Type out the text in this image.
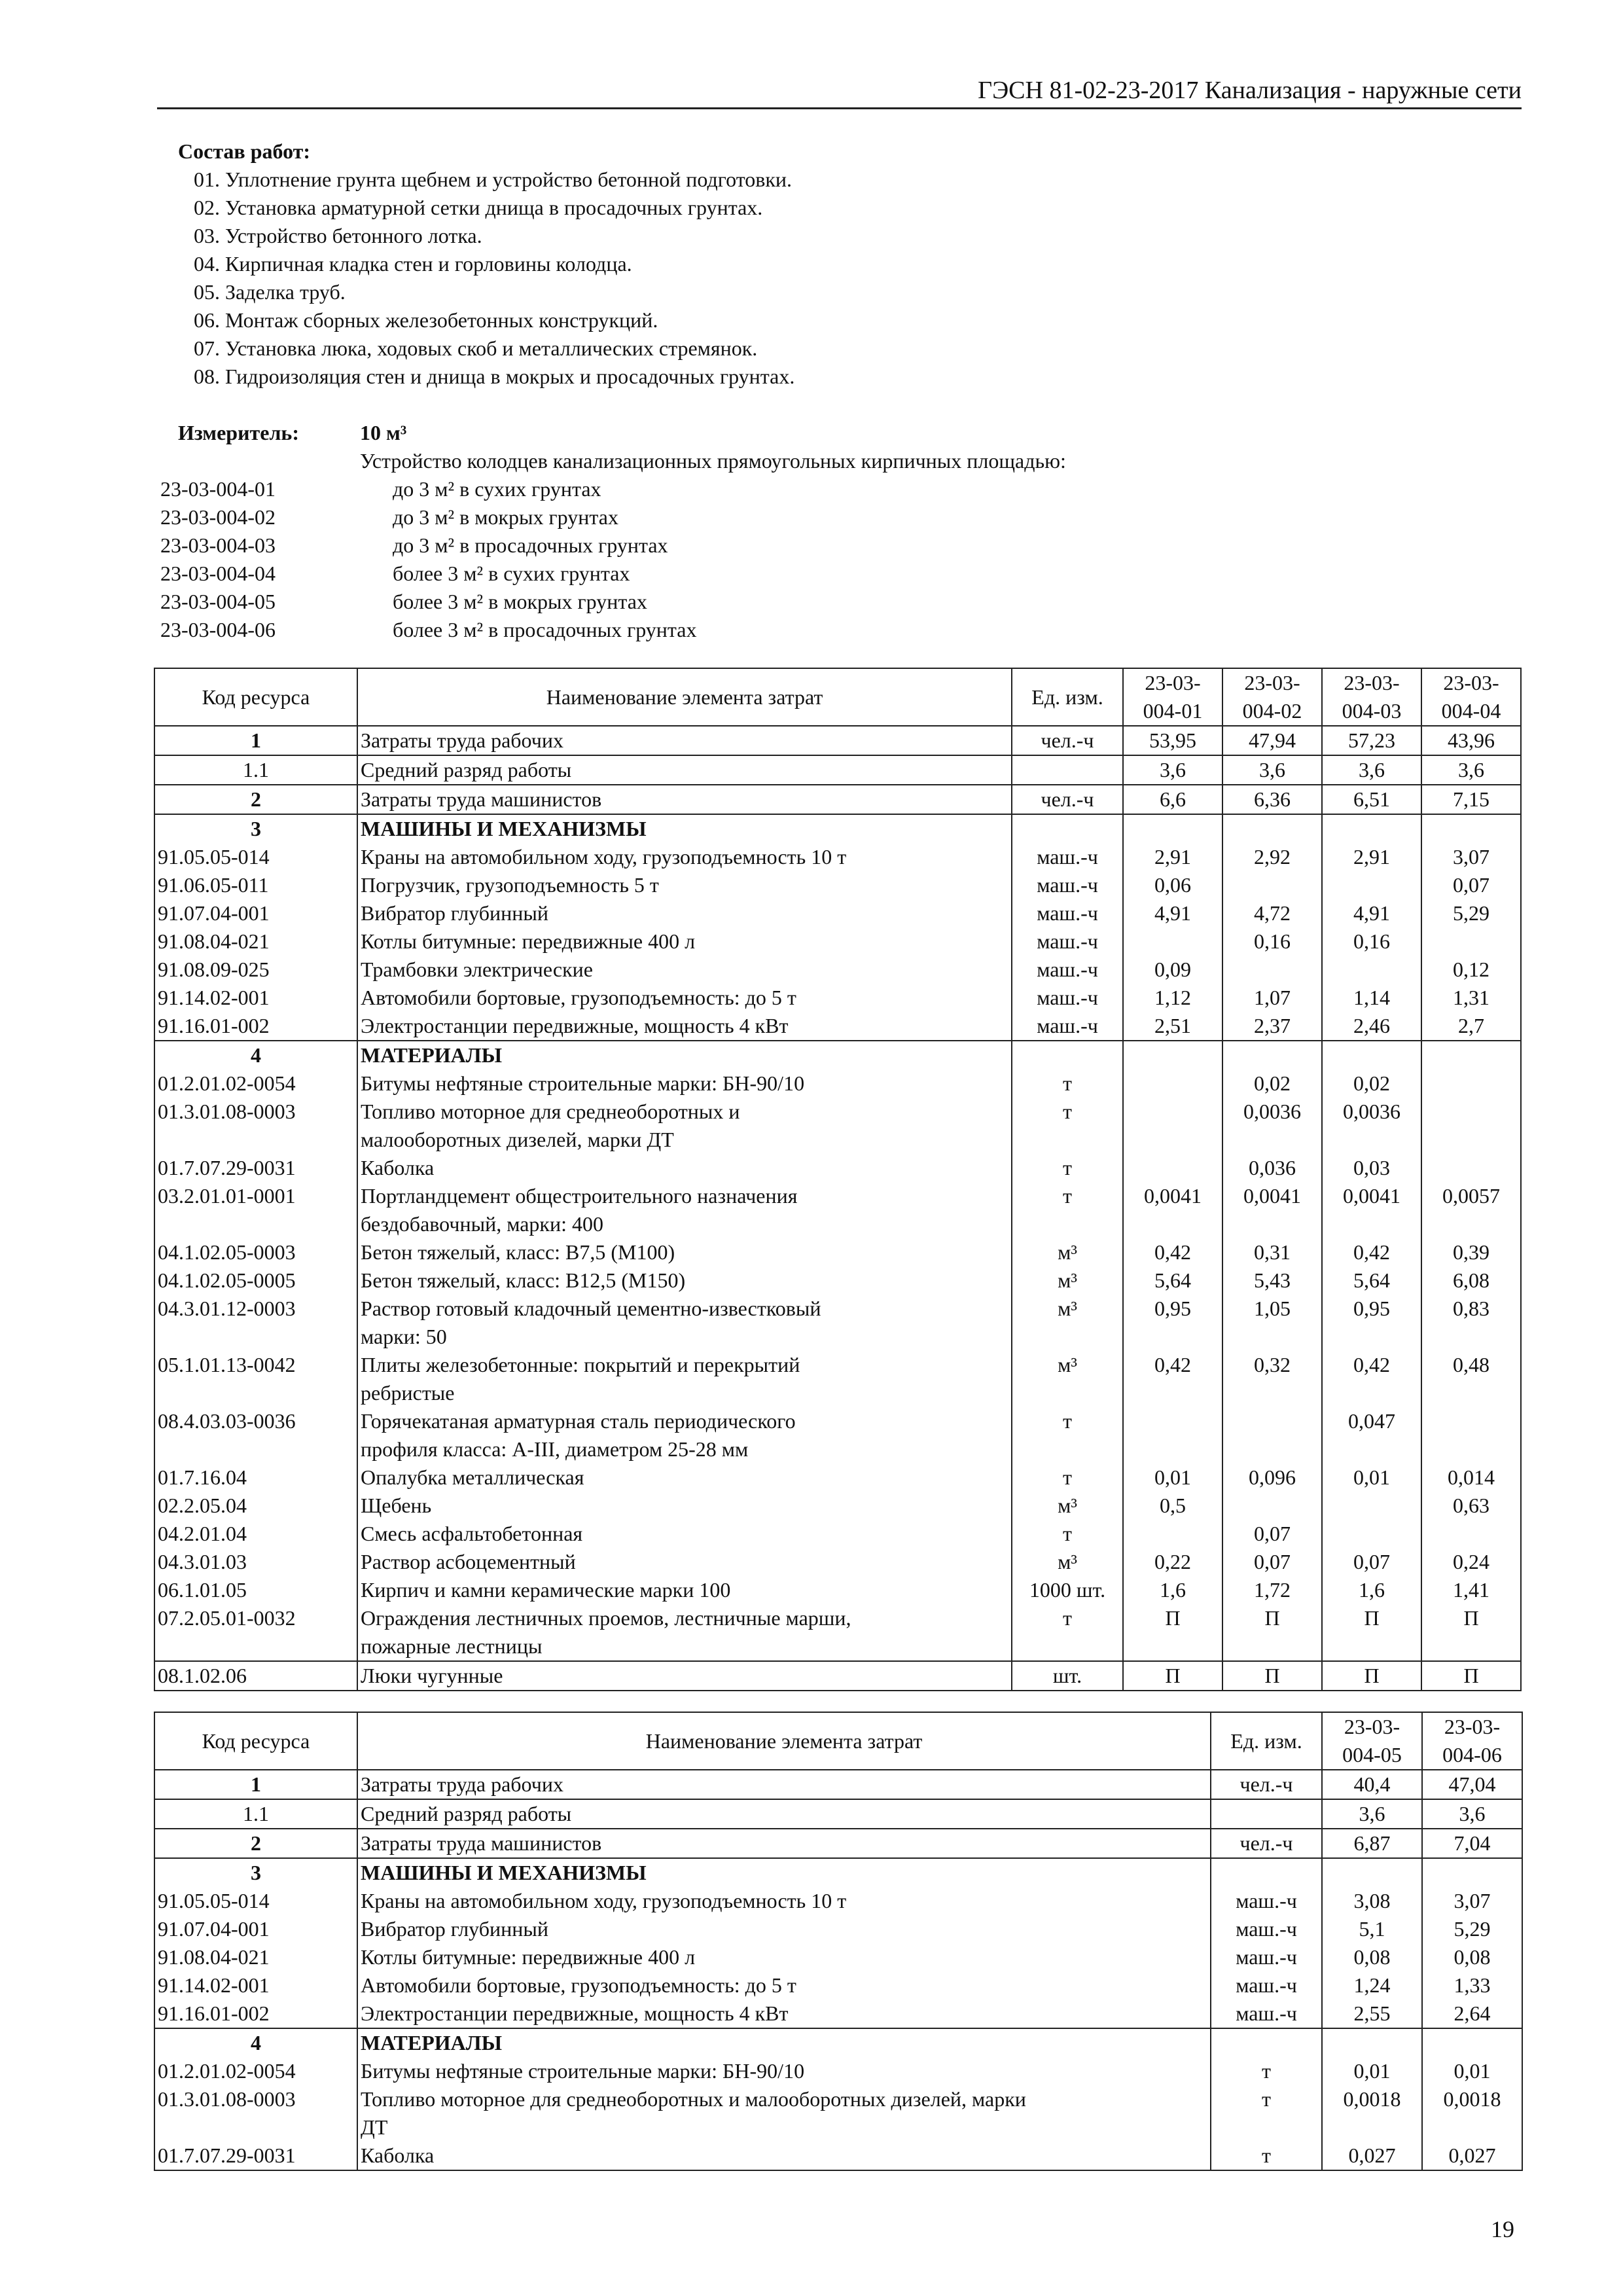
ГЭСН 81-02-23-2017 Канализация - наружные сети
Состав работ:
01. Уплотнение грунта щебнем и устройство бетонной подготовки.
02. Установка арматурной сетки днища в просадочных грунтах.
03. Устройство бетонного лотка.
04. Кирпичная кладка стен и горловины колодца.
05. Заделка труб.
06. Монтаж сборных железобетонных конструкций.
07. Установка люка, ходовых скоб и металлических стремянок.
08. Гидроизоляция стен и днища в мокрых и просадочных грунтах.
Измеритель:	10 м³
Устройство колодцев канализационных прямоугольных кирпичных площадью:
23-03-004-01	до 3 м² в сухих грунтах
23-03-004-02	до 3 м² в мокрых грунтах
23-03-004-03	до 3 м² в просадочных грунтах
23-03-004-04	более 3 м² в сухих грунтах
23-03-004-05	более 3 м² в мокрых грунтах
23-03-004-06	более 3 м² в просадочных грунтах
Код ресурса	Наименование элемента затрат	Ед. изм.	23-03-004-01	23-03-004-02	23-03-004-03	23-03-004-04
1	Затраты труда рабочих	чел.-ч	53,95	47,94	57,23	43,96
1.1	Средний разряд работы		3,6	3,6	3,6	3,6
2	Затраты труда машинистов	чел.-ч	6,6	6,36	6,51	7,15
3	МАШИНЫ И МЕХАНИЗМЫ					
91.05.05-014	Краны на автомобильном ходу, грузоподъемность 10 т	маш.-ч	2,91	2,92	2,91	3,07
91.06.05-011	Погрузчик, грузоподъемность 5 т	маш.-ч	0,06			0,07
91.07.04-001	Вибратор глубинный	маш.-ч	4,91	4,72	4,91	5,29
91.08.04-021	Котлы битумные: передвижные 400 л	маш.-ч		0,16	0,16	
91.08.09-025	Трамбовки электрические	маш.-ч	0,09			0,12
91.14.02-001	Автомобили бортовые, грузоподъемность: до 5 т	маш.-ч	1,12	1,07	1,14	1,31
91.16.01-002	Электростанции передвижные, мощность 4 кВт	маш.-ч	2,51	2,37	2,46	2,7
4	МАТЕРИАЛЫ					
01.2.01.02-0054	Битумы нефтяные строительные марки: БН-90/10	т		0,02	0,02	
01.3.01.08-0003	Топливо моторное для среднеоборотных и	т		0,0036	0,0036	
	малооборотных дизелей, марки ДТ					
01.7.07.29-0031	Каболка	т		0,036	0,03	
03.2.01.01-0001	Портландцемент общестроительного назначения	т	0,0041	0,0041	0,0041	0,0057
	бездобавочный, марки: 400					
04.1.02.05-0003	Бетон тяжелый, класс: В7,5 (М100)	м³	0,42	0,31	0,42	0,39
04.1.02.05-0005	Бетон тяжелый, класс: В12,5 (М150)	м³	5,64	5,43	5,64	6,08
04.3.01.12-0003	Раствор готовый кладочный цементно-известковый	м³	0,95	1,05	0,95	0,83
	марки: 50					
05.1.01.13-0042	Плиты железобетонные: покрытий и перекрытий	м³	0,42	0,32	0,42	0,48
	ребристые					
08.4.03.03-0036	Горячекатаная арматурная сталь периодического	т			0,047	
	профиля класса: А-III, диаметром 25-28 мм					
01.7.16.04	Опалубка металлическая	т	0,01	0,096	0,01	0,014
02.2.05.04	Щебень	м³	0,5			0,63
04.2.01.04	Смесь асфальтобетонная	т		0,07		
04.3.01.03	Раствор асбоцементный	м³	0,22	0,07	0,07	0,24
06.1.01.05	Кирпич и камни керамические марки 100	1000 шт.	1,6	1,72	1,6	1,41
07.2.05.01-0032	Ограждения лестничных проемов, лестничные марши,	т	П	П	П	П
	пожарные лестницы					
08.1.02.06	Люки чугунные	шт.	П	П	П	П
Код ресурса	Наименование элемента затрат	Ед. изм.	23-03-004-05	23-03-004-06
1	Затраты труда рабочих	чел.-ч	40,4	47,04
1.1	Средний разряд работы		3,6	3,6
2	Затраты труда машинистов	чел.-ч	6,87	7,04
3	МАШИНЫ И МЕХАНИЗМЫ			
91.05.05-014	Краны на автомобильном ходу, грузоподъемность 10 т	маш.-ч	3,08	3,07
91.07.04-001	Вибратор глубинный	маш.-ч	5,1	5,29
91.08.04-021	Котлы битумные: передвижные 400 л	маш.-ч	0,08	0,08
91.14.02-001	Автомобили бортовые, грузоподъемность: до 5 т	маш.-ч	1,24	1,33
91.16.01-002	Электростанции передвижные, мощность 4 кВт	маш.-ч	2,55	2,64
4	МАТЕРИАЛЫ			
01.2.01.02-0054	Битумы нефтяные строительные марки: БН-90/10	т	0,01	0,01
01.3.01.08-0003	Топливо моторное для среднеоборотных и малооборотных дизелей, марки	т	0,0018	0,0018
	ДТ			
01.7.07.29-0031	Каболка	т	0,027	0,027
19
